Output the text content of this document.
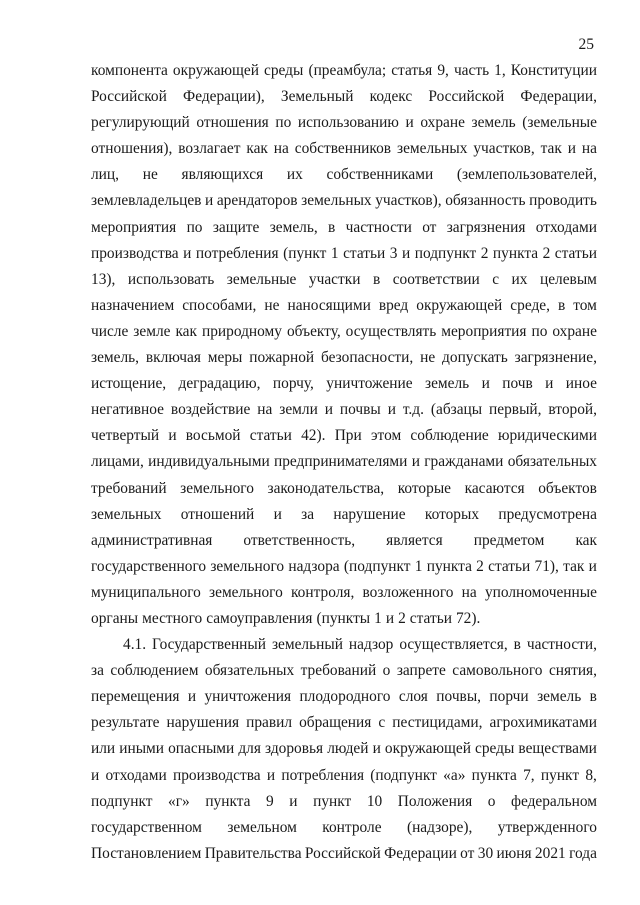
25
компонента окружающей среды (преамбула; статья 9, часть 1, Конституции
Российской Федерации), Земельный кодекс Российской Федерации,
регулирующий отношения по использованию и охране земель (земельные
отношения), возлагает как на собственников земельных участков, так и на
лиц, не являющихся их собственниками (землепользователей,
землевладельцев и арендаторов земельных участков), обязанность проводить
мероприятия по защите земель, в частности от загрязнения отходами
производства и потребления (пункт 1 статьи 3 и подпункт 2 пункта 2 статьи
13), использовать земельные участки в соответствии с их целевым
назначением способами, не наносящими вред окружающей среде, в том
числе земле как природному объекту, осуществлять мероприятия по охране
земель, включая меры пожарной безопасности, не допускать загрязнение,
истощение, деградацию, порчу, уничтожение земель и почв и иное
негативное воздействие на земли и почвы и т.д. (абзацы первый, второй,
четвертый и восьмой статьи 42). При этом соблюдение юридическими
лицами, индивидуальными предпринимателями и гражданами обязательных
требований земельного законодательства, которые касаются объектов
земельных отношений и за нарушение которых предусмотрена
административная ответственность, является предметом как
государственного земельного надзора (подпункт 1 пункта 2 статьи 71), так и
муниципального земельного контроля, возложенного на уполномоченные
органы местного самоуправления (пункты 1 и 2 статьи 72).
4.1. Государственный земельный надзор осуществляется, в частности,
за соблюдением обязательных требований о запрете самовольного снятия,
перемещения и уничтожения плодородного слоя почвы, порчи земель в
результате нарушения правил обращения с пестицидами, агрохимикатами
или иными опасными для здоровья людей и окружающей среды веществами
и отходами производства и потребления (подпункт «а» пункта 7, пункт 8,
подпункт «г» пункта 9 и пункт 10 Положения о федеральном
государственном земельном контроле (надзоре), утвержденного
Постановлением Правительства Российской Федерации от 30 июня 2021 года
